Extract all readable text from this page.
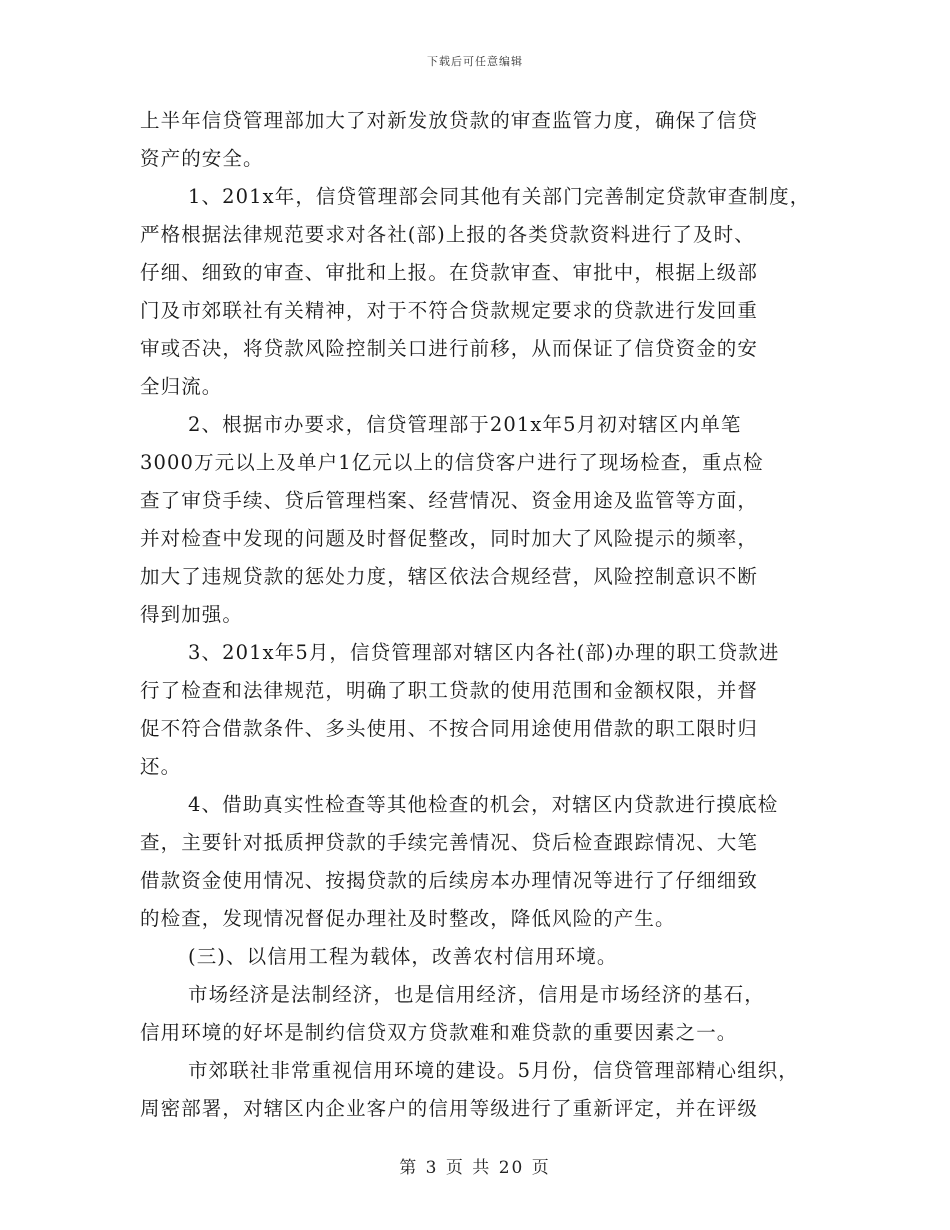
下载后可任意编辑
上半年信贷管理部加大了对新发放贷款的审查监管力度，确保了信贷
资产的安全。
1、201x年，信贷管理部会同其他有关部门完善制定贷款审查制度，
严格根据法律规范要求对各社(部)上报的各类贷款资料进行了及时、
仔细、细致的审查、审批和上报。在贷款审查、审批中，根据上级部
门及市郊联社有关精神，对于不符合贷款规定要求的贷款进行发回重
审或否决，将贷款风险控制关口进行前移，从而保证了信贷资金的安
全归流。
2、根据市办要求，信贷管理部于201x年5月初对辖区内单笔
3000万元以上及单户1亿元以上的信贷客户进行了现场检查，重点检
查了审贷手续、贷后管理档案、经营情况、资金用途及监管等方面，
并对检查中发现的问题及时督促整改，同时加大了风险提示的频率，
加大了违规贷款的惩处力度，辖区依法合规经营，风险控制意识不断
得到加强。
3、201x年5月，信贷管理部对辖区内各社(部)办理的职工贷款进
行了检查和法律规范，明确了职工贷款的使用范围和金额权限，并督
促不符合借款条件、多头使用、不按合同用途使用借款的职工限时归
还。
4、借助真实性检查等其他检查的机会，对辖区内贷款进行摸底检
查，主要针对抵质押贷款的手续完善情况、贷后检查跟踪情况、大笔
借款资金使用情况、按揭贷款的后续房本办理情况等进行了仔细细致
的检查，发现情况督促办理社及时整改，降低风险的产生。
(三)、以信用工程为载体，改善农村信用环境。
市场经济是法制经济，也是信用经济，信用是市场经济的基石，
信用环境的好坏是制约信贷双方贷款难和难贷款的重要因素之一。
市郊联社非常重视信用环境的建设。5月份，信贷管理部精心组织，
周密部署，对辖区内企业客户的信用等级进行了重新评定，并在评级
第 3 页 共 20 页
